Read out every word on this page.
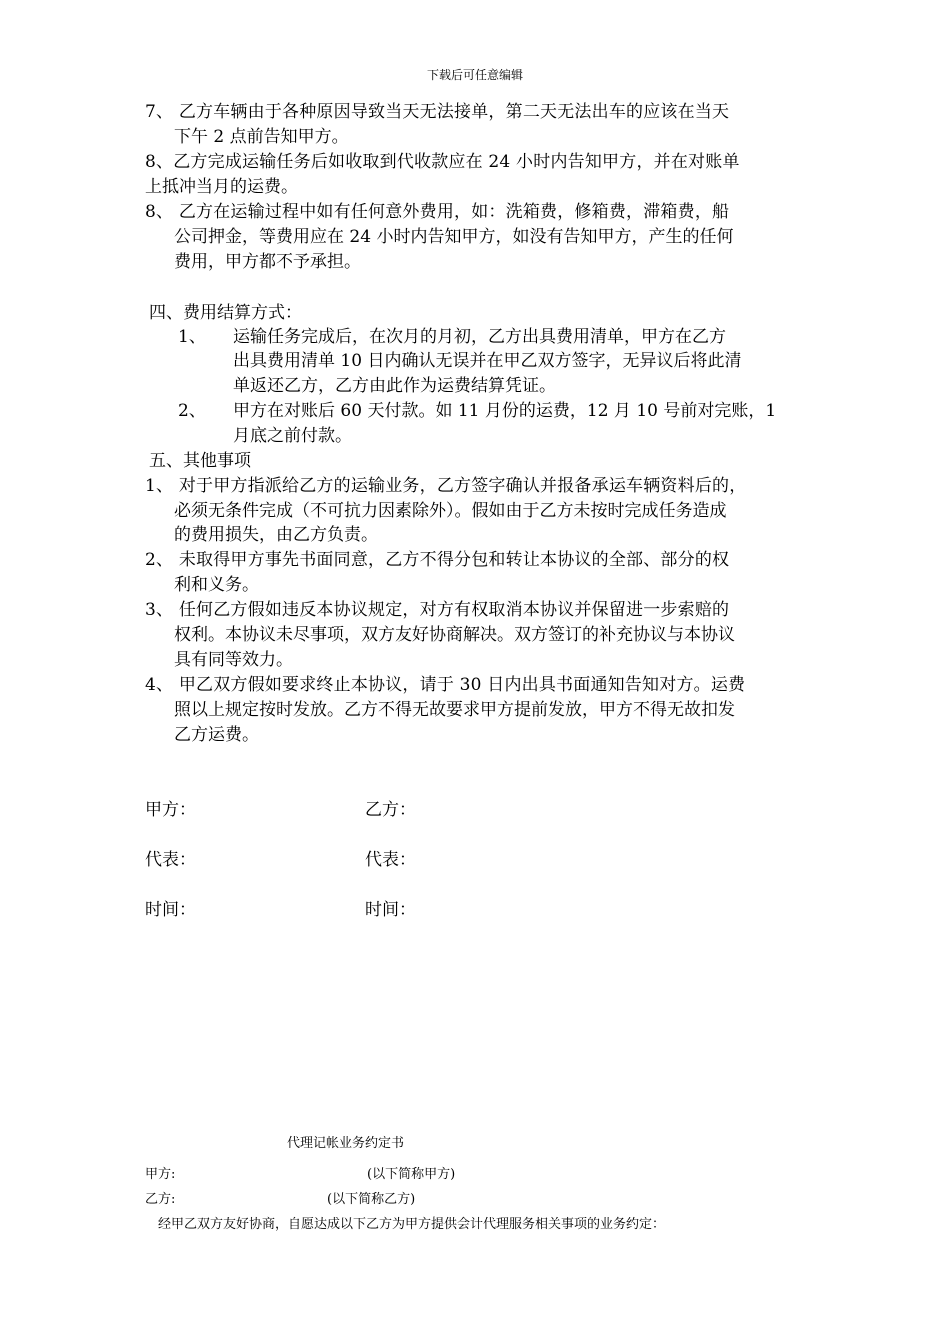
下载后可任意编辑
7、 乙方车辆由于各种原因导致当天无法接单，第二天无法出车的应该在当天
下午 2 点前告知甲方。
8、乙方完成运输任务后如收取到代收款应在 24 小时内告知甲方，并在对账单
上抵冲当月的运费。
8、 乙方在运输过程中如有任何意外费用，如：洗箱费，修箱费，滞箱费，船
公司押金，等费用应在 24 小时内告知甲方，如没有告知甲方，产生的任何
费用，甲方都不予承担。
四、费用结算方式：
1、 运输任务完成后，在次月的月初，乙方出具费用清单，甲方在乙方
出具费用清单 10 日内确认无误并在甲乙双方签字，无异议后将此清
单返还乙方，乙方由此作为运费结算凭证。
2、 甲方在对账后 60 天付款。如 11 月份的运费，12 月 10 号前对完账，1
月底之前付款。
五、其他事项
1、 对于甲方指派给乙方的运输业务，乙方签字确认并报备承运车辆资料后的，
必须无条件完成（不可抗力因素除外）。假如由于乙方未按时完成任务造成
的费用损失，由乙方负责。
2、 未取得甲方事先书面同意，乙方不得分包和转让本协议的全部、部分的权
利和义务。
3、 任何乙方假如违反本协议规定，对方有权取消本协议并保留进一步索赔的
权利。本协议未尽事项，双方友好协商解决。双方签订的补充协议与本协议
具有同等效力。
4、 甲乙双方假如要求终止本协议，请于 30 日内出具书面通知告知对方。运费
照以上规定按时发放。乙方不得无故要求甲方提前发放，甲方不得无故扣发
乙方运费。
甲方：	乙方：
代表：	代表：
时间：	时间：
代理记帐业务约定书
甲方:	(以下简称甲方)
乙方:	(以下简称乙方)
经甲乙双方友好协商，自愿达成以下乙方为甲方提供会计代理服务相关事项的业务约定：
